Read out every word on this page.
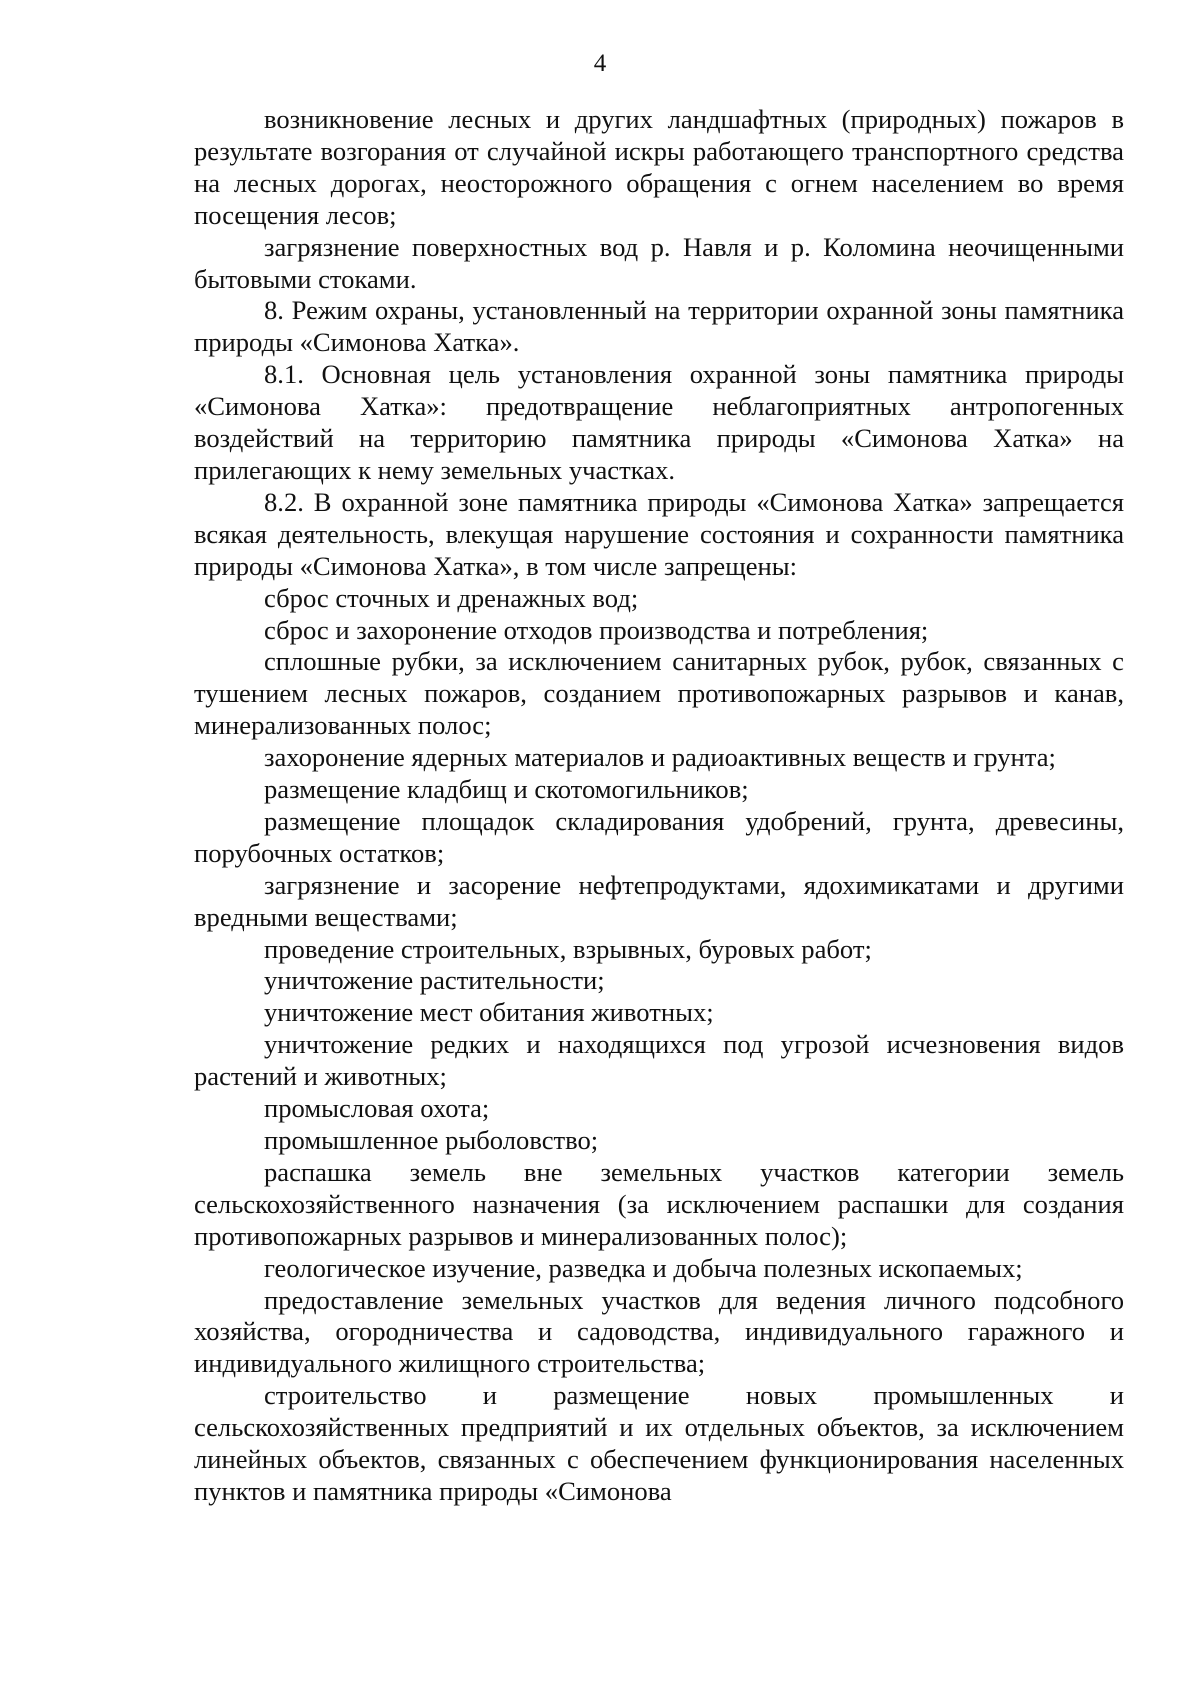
4

возникновение лесных и других ландшафтных (природных) пожаров в результате возгорания от случайной искры работающего транспортного средства на лесных дорогах, неосторожного обращения с огнем населением во время посещения лесов;

загрязнение поверхностных вод р. Навля и р. Коломина неочищенными бытовыми стоками.

8. Режим охраны, установленный на территории охранной зоны памятника природы «Симонова Хатка».

8.1. Основная цель установления охранной зоны памятника природы «Симонова Хатка»: предотвращение неблагоприятных антропогенных воздействий на территорию памятника природы «Симонова Хатка» на прилегающих к нему земельных участках.

8.2. В охранной зоне памятника природы «Симонова Хатка» запрещается всякая деятельность, влекущая нарушение состояния и сохранности памятника природы «Симонова Хатка», в том числе запрещены:

сброс сточных и дренажных вод;

сброс и захоронение отходов производства и потребления;

сплошные рубки, за исключением санитарных рубок, рубок, связанных с тушением лесных пожаров, созданием противопожарных разрывов и канав, минерализованных полос;

захоронение ядерных материалов и радиоактивных веществ и грунта;

размещение кладбищ и скотомогильников;

размещение площадок складирования удобрений, грунта, древесины, порубочных остатков;

загрязнение и засорение нефтепродуктами, ядохимикатами и другими вредными веществами;

проведение строительных, взрывных, буровых работ;

уничтожение растительности;

уничтожение мест обитания животных;

уничтожение редких и находящихся под угрозой исчезновения видов растений и животных;

промысловая охота;

промышленное рыболовство;

распашка земель вне земельных участков категории земель сельскохозяйственного назначения (за исключением распашки для создания противопожарных разрывов и минерализованных полос);

геологическое изучение, разведка и добыча полезных ископаемых;

предоставление земельных участков для ведения личного подсобного хозяйства, огородничества и садоводства, индивидуального гаражного и индивидуального жилищного строительства;

строительство и размещение новых промышленных и сельскохозяйственных предприятий и их отдельных объектов, за исключением линейных объектов, связанных с обеспечением функционирования населенных пунктов и памятника природы «Симонова
